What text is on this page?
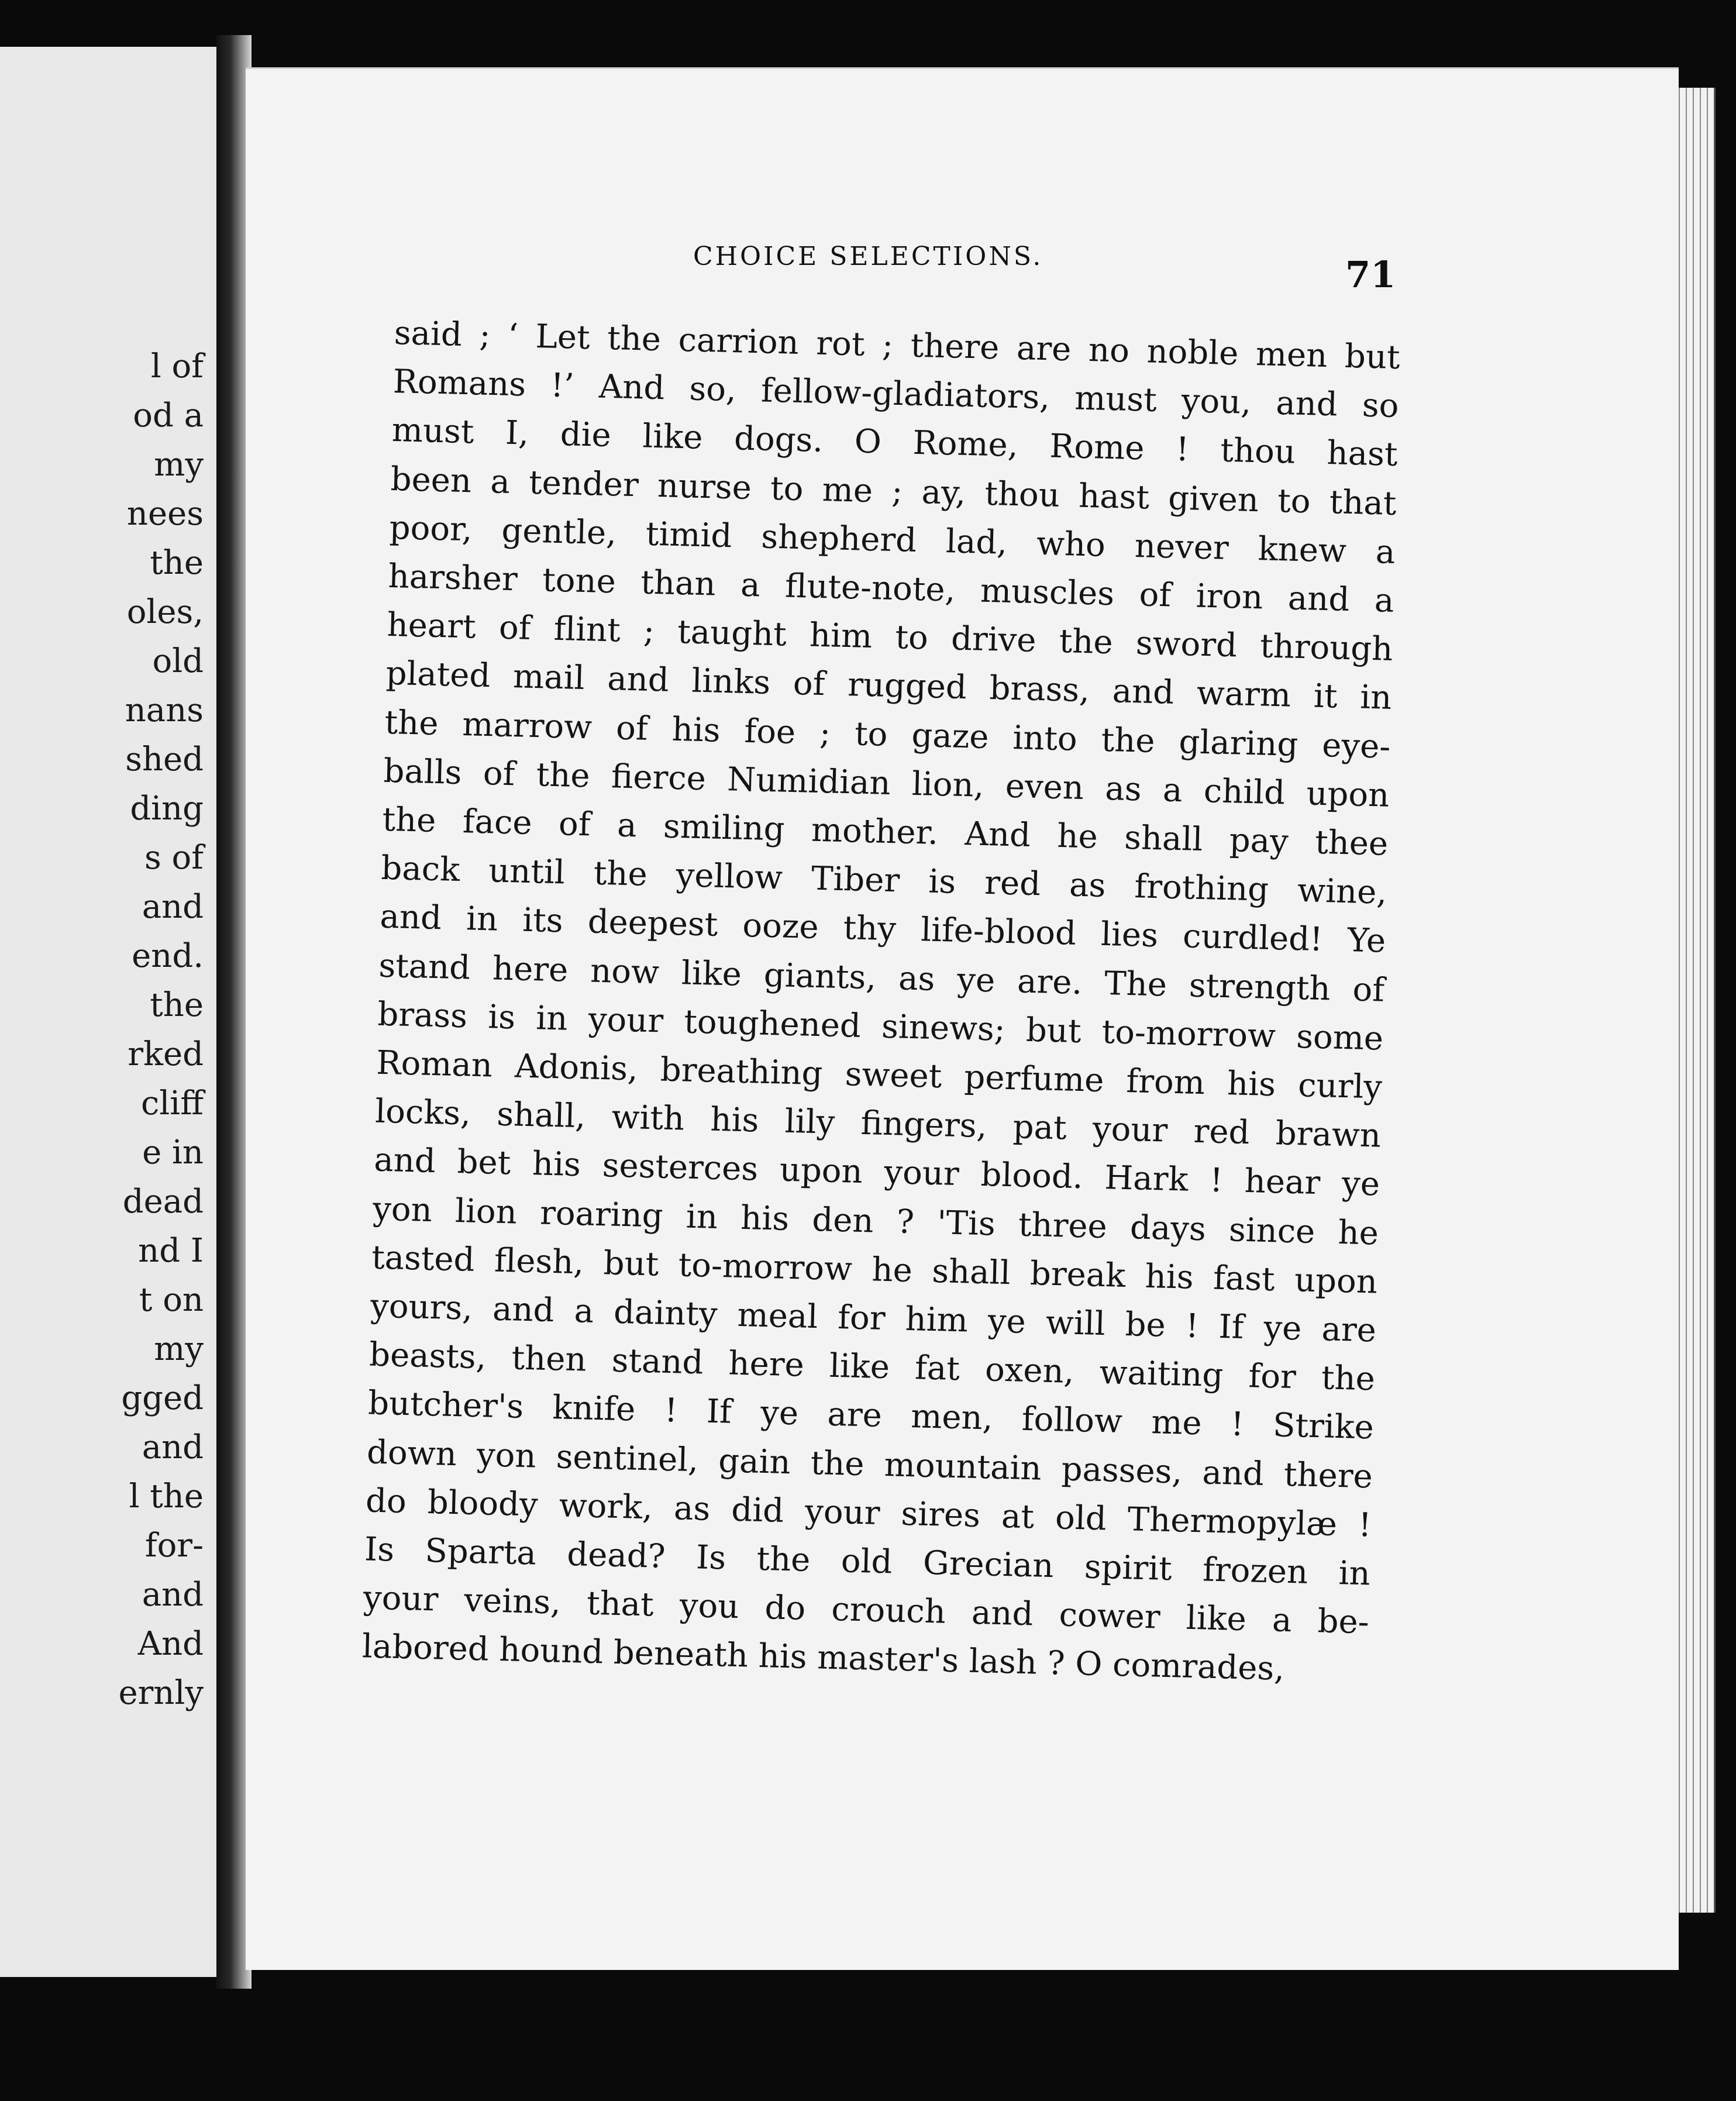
l of
od a
my
nees
the
oles,
old
nans
shed
ding
s of
and
end.
the
rked
cliff
e in
dead
nd I
t on
my
gged
and
l the
for-
and
And
ernly
CHOICE SELECTIONS.	71
said ; ‘ Let the carrion rot ; there are no noble men but
Romans !’ And so, fellow-gladiators, must you, and so
must I, die like dogs. O Rome, Rome ! thou hast
been a tender nurse to me ; ay, thou hast given to that
poor, gentle, timid shepherd lad, who never knew a
harsher tone than a flute-note, muscles of iron and a
heart of flint ; taught him to drive the sword through
plated mail and links of rugged brass, and warm it in
the marrow of his foe ; to gaze into the glaring eye-
balls of the fierce Numidian lion, even as a child upon
the face of a smiling mother. And he shall pay thee
back until the yellow Tiber is red as frothing wine,
and in its deepest ooze thy life-blood lies curdled! Ye
stand here now like giants, as ye are. The strength of
brass is in your toughened sinews; but to-morrow some
Roman Adonis, breathing sweet perfume from his curly
locks, shall, with his lily fingers, pat your red brawn
and bet his sesterces upon your blood. Hark ! hear ye
yon lion roaring in his den ? 'Tis three days since he
tasted flesh, but to-morrow he shall break his fast upon
yours, and a dainty meal for him ye will be ! If ye are
beasts, then stand here like fat oxen, waiting for the
butcher's knife ! If ye are men, follow me ! Strike
down yon sentinel, gain the mountain passes, and there
do bloody work, as did your sires at old Thermopylæ !
Is Sparta dead? Is the old Grecian spirit frozen in
your veins, that you do crouch and cower like a be-
labored hound beneath his master's lash ? O comrades,
